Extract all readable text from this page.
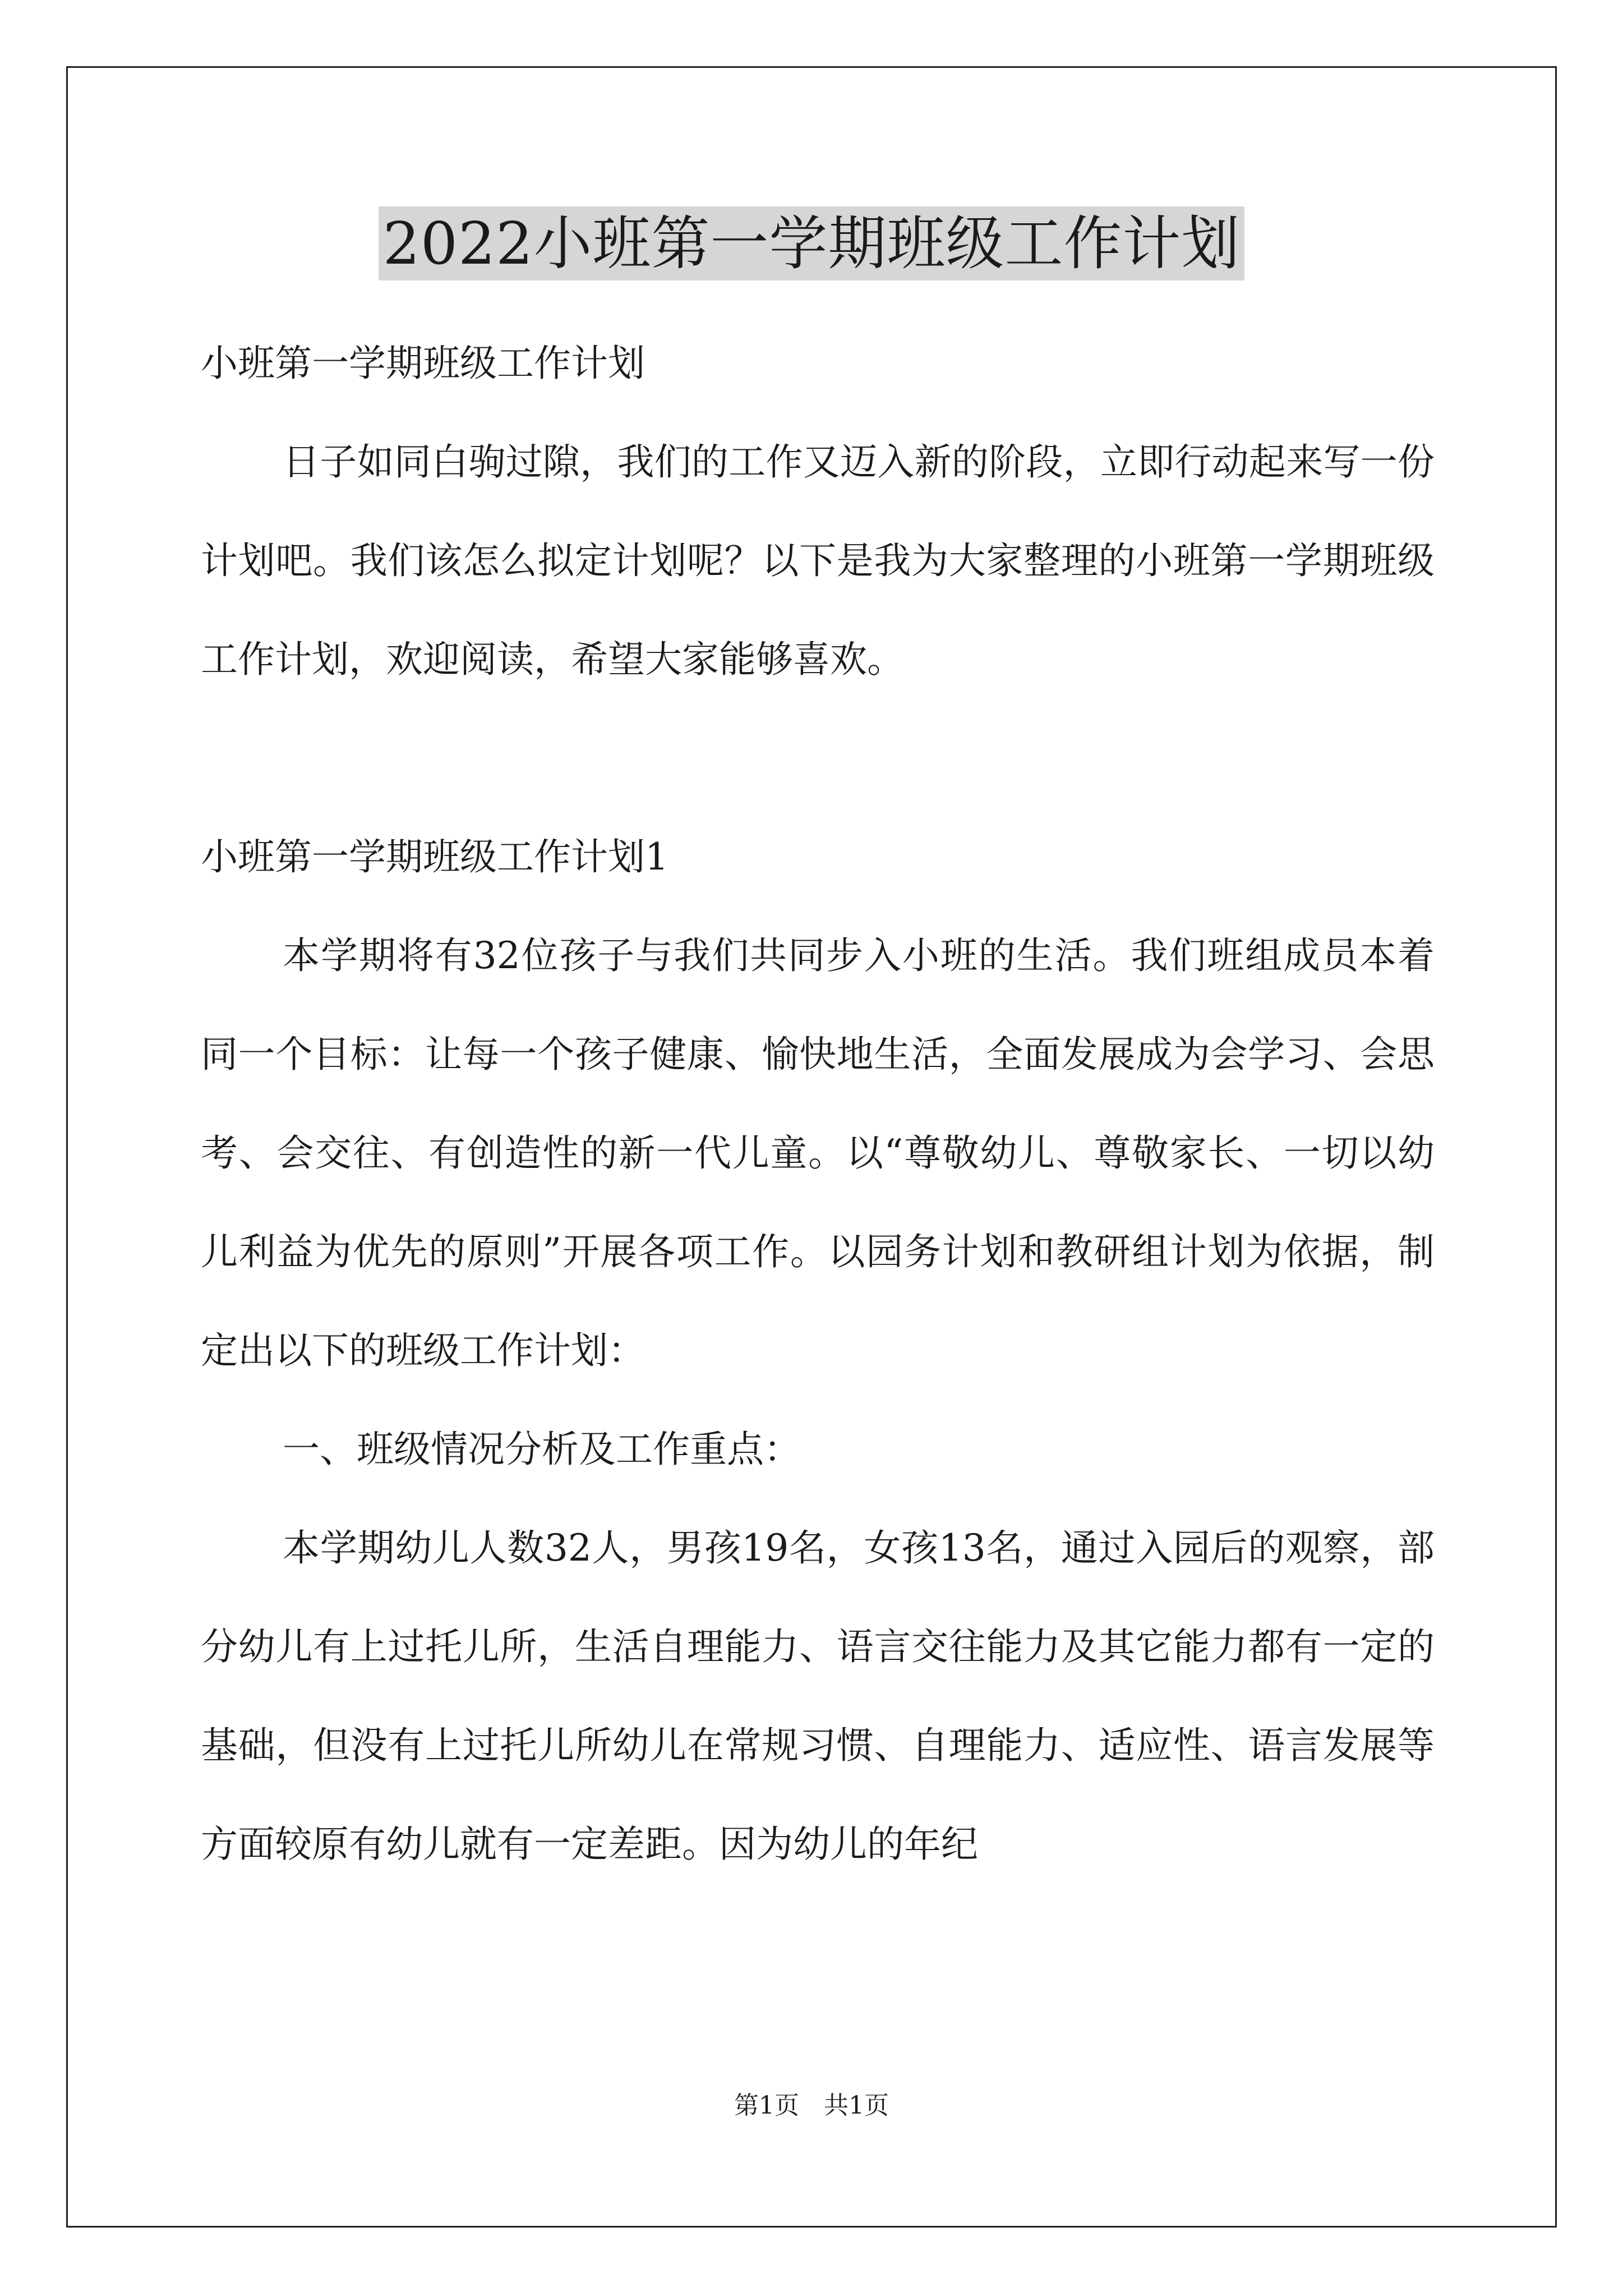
2022小班第一学期班级工作计划

小班第一学期班级工作计划

日子如同白驹过隙，我们的工作又迈入新的阶段，立即行动起来写一份计划吧。我们该怎么拟定计划呢？以下是我为大家整理的小班第一学期班级工作计划，欢迎阅读，希望大家能够喜欢。

小班第一学期班级工作计划1

本学期将有32位孩子与我们共同步入小班的生活。我们班组成员本着同一个目标：让每一个孩子健康、愉快地生活，全面发展成为会学习、会思考、会交往、有创造性的新一代儿童。以“尊敬幼儿、尊敬家长、一切以幼儿利益为优先的原则”开展各项工作。以园务计划和教研组计划为依据，制定出以下的班级工作计划：

一、班级情况分析及工作重点：

本学期幼儿人数32人，男孩19名，女孩13名，通过入园后的观察，部分幼儿有上过托儿所，生活自理能力、语言交往能力及其它能力都有一定的基础，但没有上过托儿所幼儿在常规习惯、自理能力、适应性、语言发展等方面较原有幼儿就有一定差距。因为幼儿的年纪

第1页　共1页
